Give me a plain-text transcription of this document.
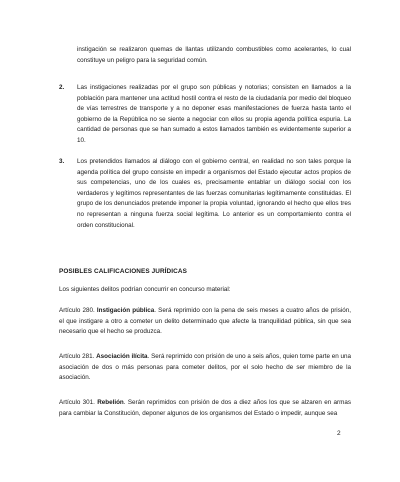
instigación se realizaron quemas de llantas utilizando combustibles como acelerantes, lo cual constituye un peligro para la seguridad común.
2. Las instigaciones realizadas por el grupo son públicas y notorias; consisten en llamados a la población para mantener una actitud hostil contra el resto de la ciudadanía por medio del bloqueo de vías terrestres de transporte y a no deponer esas manifestaciones de fuerza hasta tanto el gobierno de la República no se siente a negociar con ellos su propia agenda política espuria. La cantidad de personas que se han sumado a estos llamados también es evidentemente superior a 10.
3. Los pretendidos llamados al diálogo con el gobierno central, en realidad no son tales porque la agenda política del grupo consiste en impedir a organismos del Estado ejecutar actos propios de sus competencias, uno de los cuales es, precisamente entablar un diálogo social con los verdaderos y legítimos representantes de las fuerzas comunitarias legítimamente constituidas. El grupo de los denunciados pretende imponer la propia voluntad, ignorando el hecho que ellos tres no representan a ninguna fuerza social legítima. Lo anterior es un comportamiento contra el orden constitucional.
POSIBLES CALIFICACIONES JURÍDICAS
Los siguientes delitos podrían concurrir en concurso material:
Artículo 280. Instigación pública. Será reprimido con la pena de seis meses a cuatro años de prisión, el que instigare a otro a cometer un delito determinado que afecte la tranquilidad pública, sin que sea necesario que el hecho se produzca.
Artículo 281. Asociación ilícita. Será reprimido con prisión de uno a seis años, quien tome parte en una asociación de dos o más personas para cometer delitos, por el solo hecho de ser miembro de la asociación.
Artículo 301. Rebelión. Serán reprimidos con prisión de dos a diez años los que se alzaren en armas para cambiar la Constitución, deponer algunos de los organismos del Estado o impedir, aunque sea
2
